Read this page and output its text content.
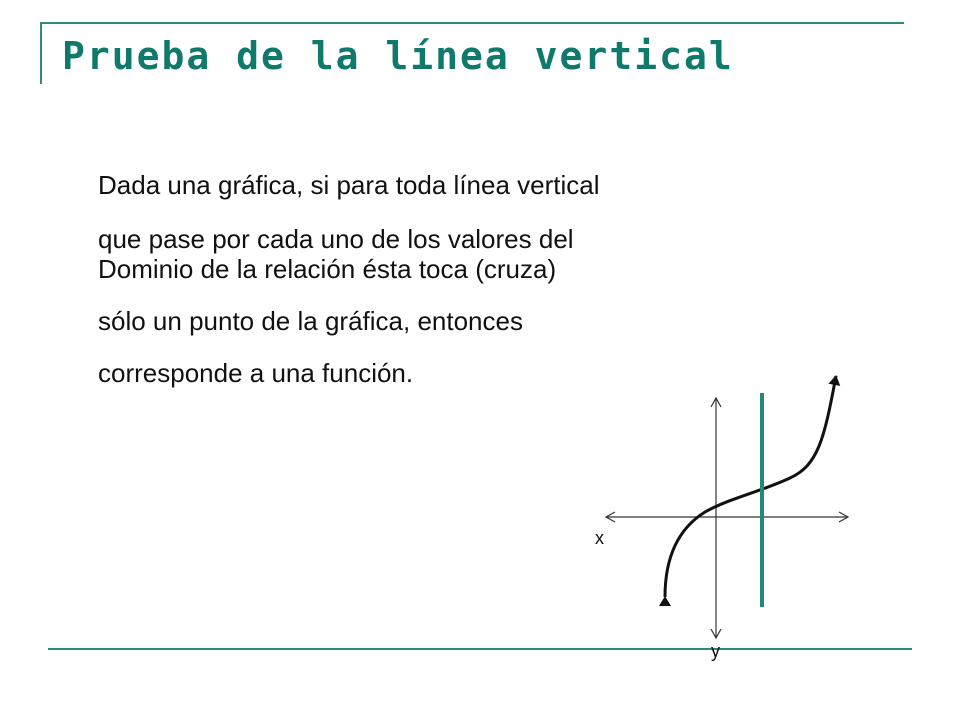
Prueba de la línea vertical

Dada una gráfica, si para toda línea vertical

que pase por cada uno de los valores del

Dominio de la relación ésta toca (cruza)

sólo un punto de la gráfica, entonces

corresponde a una función.

x
y
